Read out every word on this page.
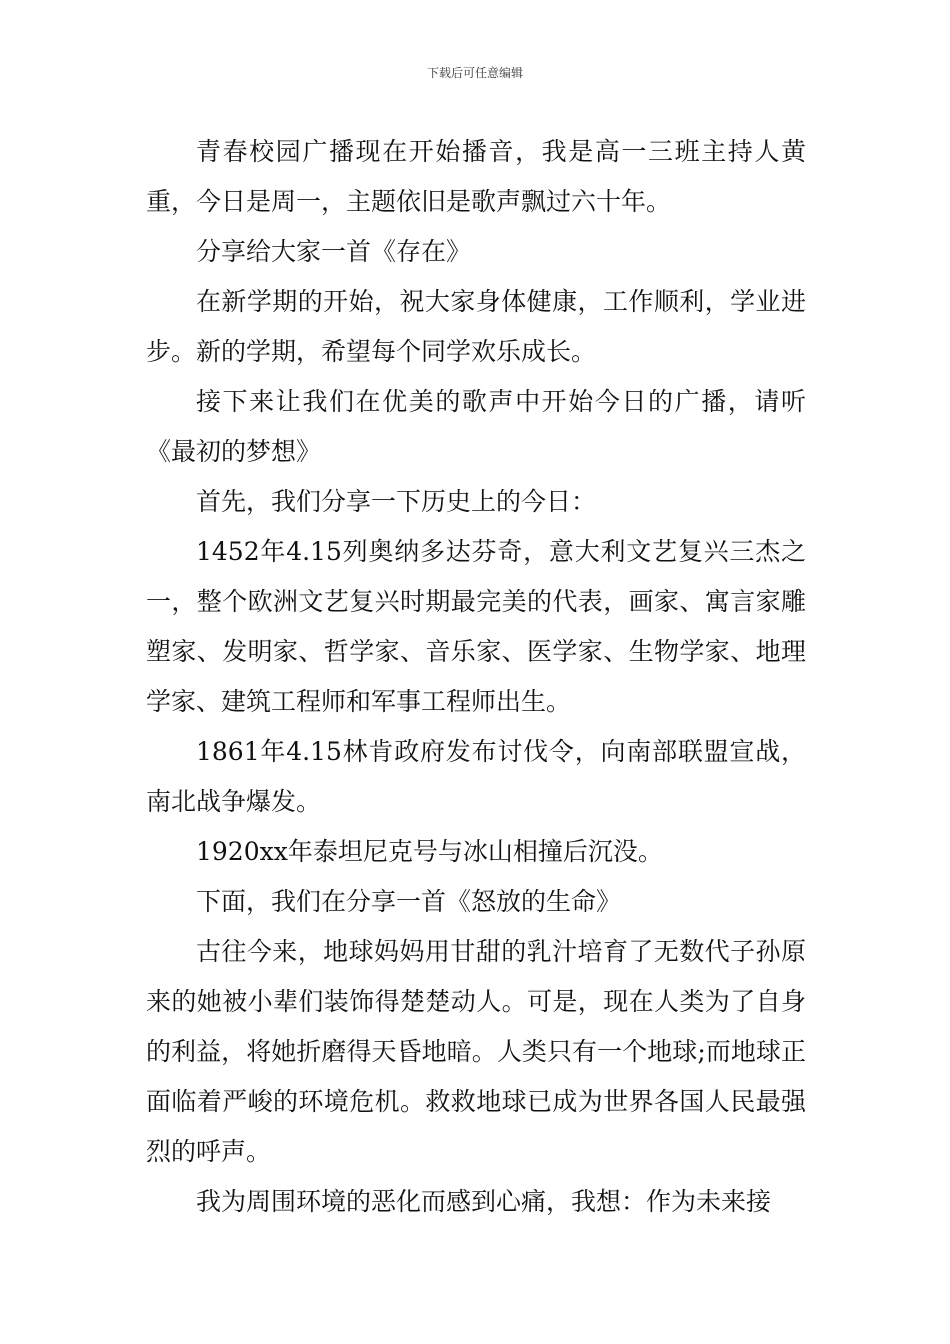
下载后可任意编辑

青春校园广播现在开始播音，我是高一三班主持人黄重，今日是周一，主题依旧是歌声飘过六十年。

分享给大家一首《存在》

在新学期的开始，祝大家身体健康，工作顺利，学业进步。新的学期，希望每个同学欢乐成长。

接下来让我们在优美的歌声中开始今日的广播，请听《最初的梦想》

首先，我们分享一下历史上的今日：

1452年4.15列奥纳多达芬奇，意大利文艺复兴三杰之一，整个欧洲文艺复兴时期最完美的代表，画家、寓言家雕塑家、发明家、哲学家、音乐家、医学家、生物学家、地理学家、建筑工程师和军事工程师出生。

1861年4.15林肯政府发布讨伐令，向南部联盟宣战，南北战争爆发。

1920xx年泰坦尼克号与冰山相撞后沉没。

下面，我们在分享一首《怒放的生命》

古往今来，地球妈妈用甘甜的乳汁培育了无数代子孙原来的她被小辈们装饰得楚楚动人。可是，现在人类为了自身的利益，将她折磨得天昏地暗。人类只有一个地球;而地球正面临着严峻的环境危机。救救地球已成为世界各国人民最强烈的呼声。

我为周围环境的恶化而感到心痛，我想：作为未来接
